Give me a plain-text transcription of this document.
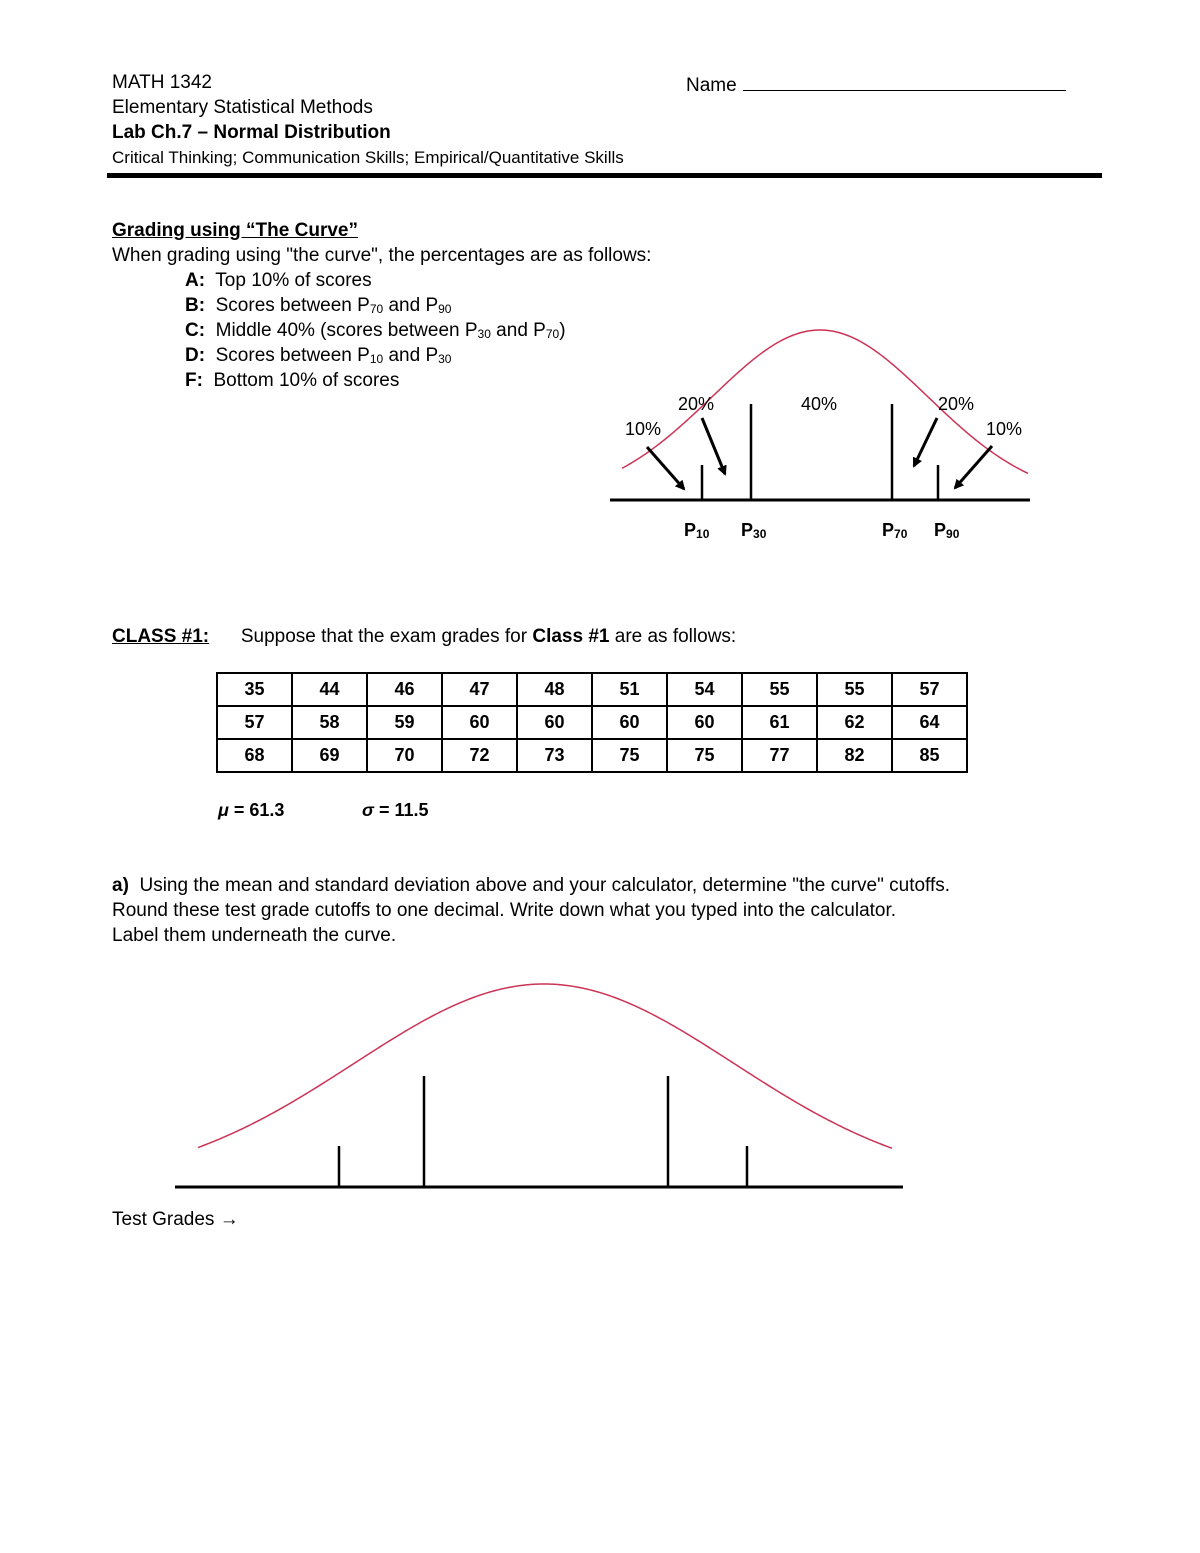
MATH 1342	Name
Elementary Statistical Methods
Lab Ch.7 – Normal Distribution
Critical Thinking; Communication Skills; Empirical/Quantitative Skills
Grading using “The Curve”
When grading using "the curve", the percentages are as follows:
A: Top 10% of scores
B: Scores between P70 and P90
C: Middle 40% (scores between P30 and P70)
D: Scores between P10 and P30
F: Bottom 10% of scores
10%
20%	40%	20%
10%
P10 P30	P70 P90
CLASS #1: Suppose that the exam grades for Class #1 are as follows:
35	44	46	47	48	51	54	55	55	57
57	58	59	60	60	60	60	61	62	64
68	69	70	72	73	75	75	77	82	85
μ = 61.3	σ = 11.5
a) Using the mean and standard deviation above and your calculator, determine "the curve" cutoffs.
Round these test grade cutoffs to one decimal. Write down what you typed into the calculator.
Label them underneath the curve.
Test Grades →
